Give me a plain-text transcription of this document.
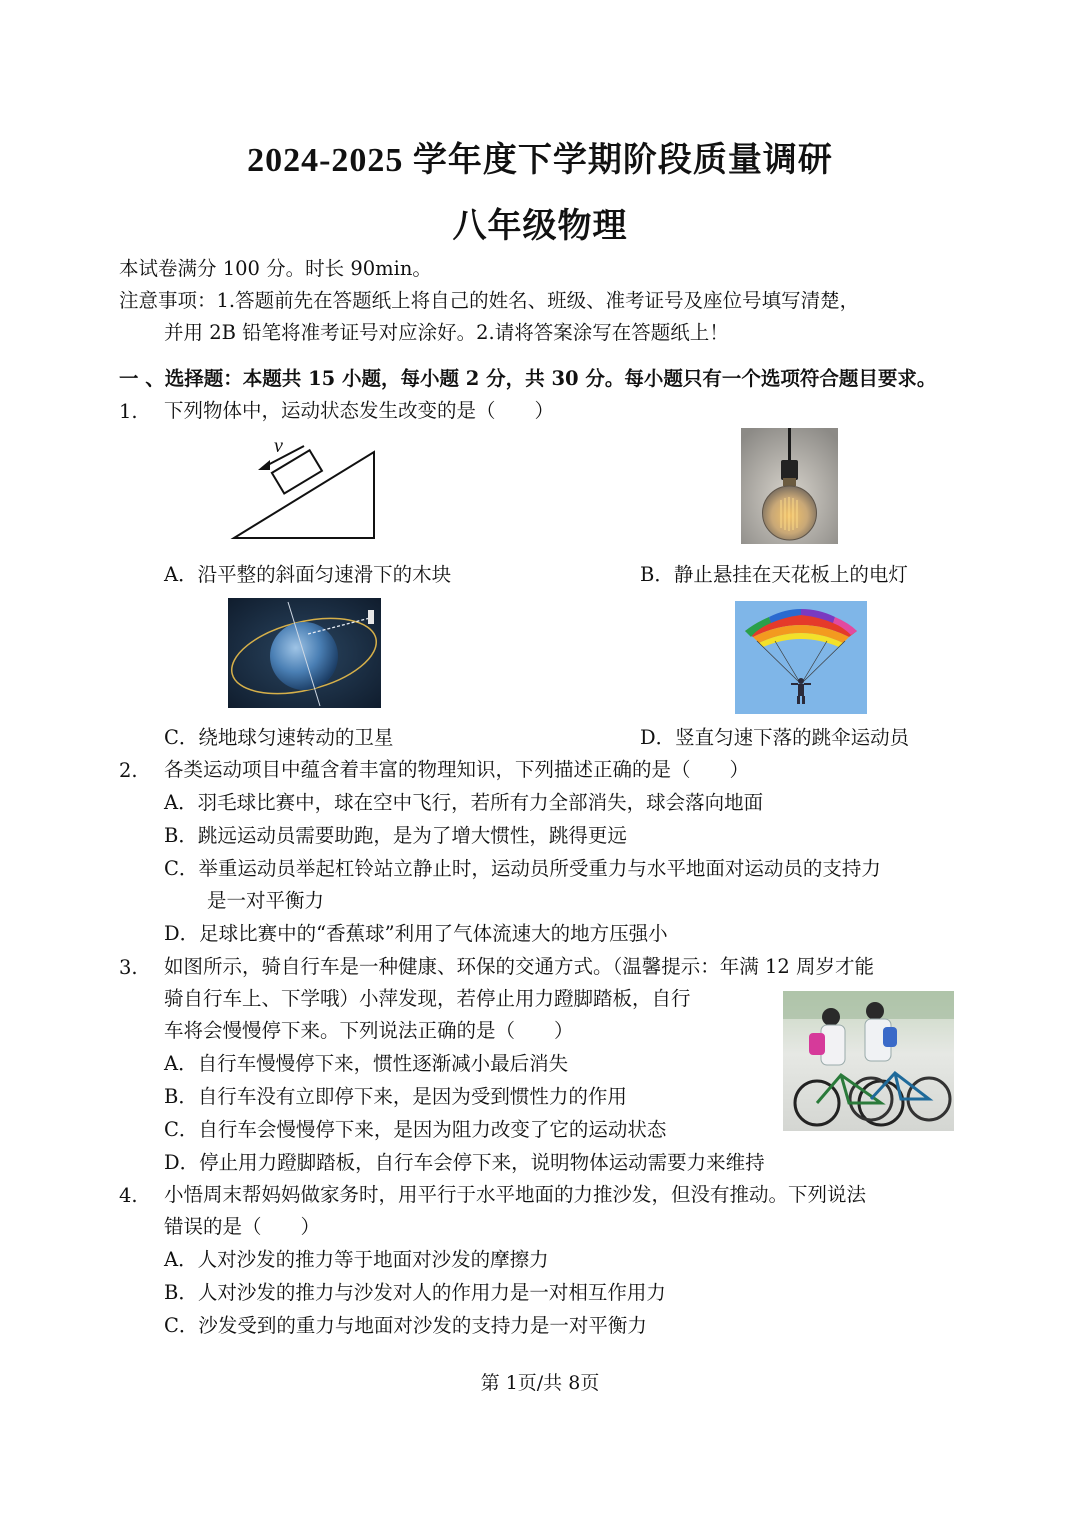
2024-2025 学年度下学期阶段质量调研
八年级物理
本试卷满分 100 分。时长 90min。
注意事项：1.答题前先在答题纸上将自己的姓名、班级、准考证号及座位号填写清楚，
并用 2B 铅笔将准考证号对应涂好。2.请将答案涂写在答题纸上！
一 、选择题：本题共 15 小题，每小题 2 分，共 30 分。每小题只有一个选项符合题目要求。
1. 下列物体中，运动状态发生改变的是（　　）
v
A．沿平整的斜面匀速滑下的木块	B．静止悬挂在天花板上的电灯
C．绕地球匀速转动的卫星	D．竖直匀速下落的跳伞运动员
2. 各类运动项目中蕴含着丰富的物理知识，下列描述正确的是（　　）
A．羽毛球比赛中，球在空中飞行，若所有力全部消失，球会落向地面
B．跳远运动员需要助跑，是为了增大惯性，跳得更远
C．举重运动员举起杠铃站立静止时，运动员所受重力与水平地面对运动员的支持力
是一对平衡力
D．足球比赛中的“香蕉球”利用了气体流速大的地方压强小
3. 如图所示，骑自行车是一种健康、环保的交通方式。（温馨提示：年满 12 周岁才能
骑自行车上、下学哦）小萍发现，若停止用力蹬脚踏板，自行
车将会慢慢停下来。下列说法正确的是（　　）
A．自行车慢慢停下来，惯性逐渐减小最后消失
B．自行车没有立即停下来，是因为受到惯性力的作用
C．自行车会慢慢停下来，是因为阻力改变了它的运动状态
D．停止用力蹬脚踏板，自行车会停下来，说明物体运动需要力来维持
4. 小悟周末帮妈妈做家务时，用平行于水平地面的力推沙发，但没有推动。下列说法
错误的是（　　）
A．人对沙发的推力等于地面对沙发的摩擦力
B．人对沙发的推力与沙发对人的作用力是一对相互作用力
C．沙发受到的重力与地面对沙发的支持力是一对平衡力
第 1页/共 8页
